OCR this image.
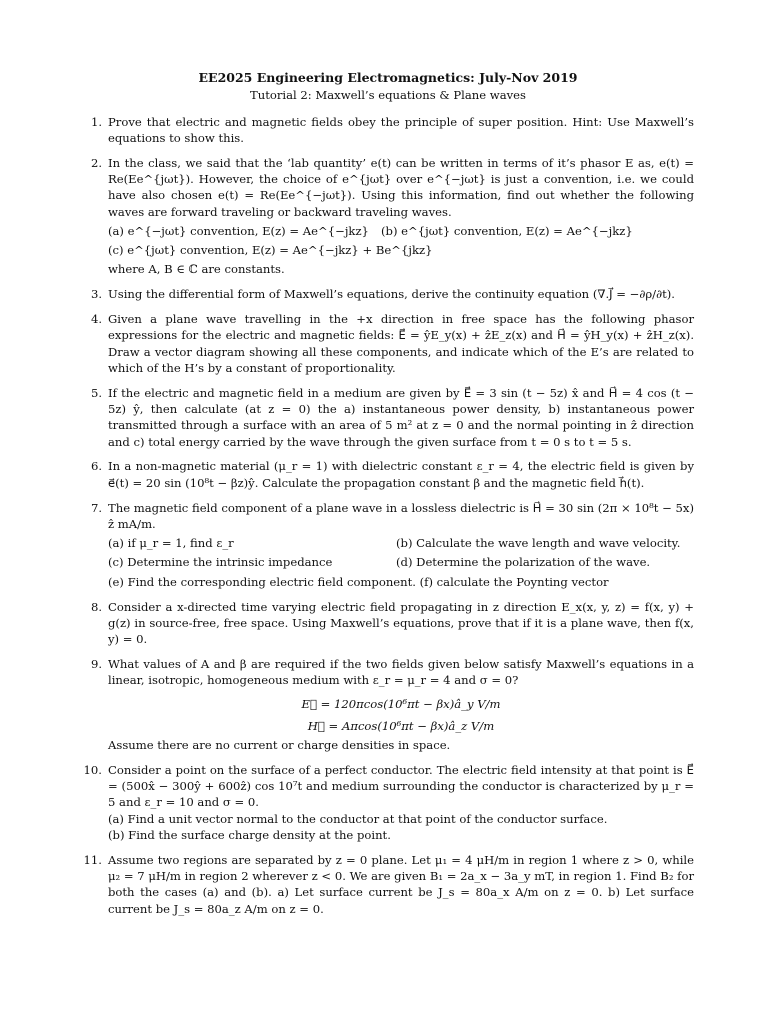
EE2025 Engineering Electromagnetics: July-Nov 2019
Tutorial 2: Maxwell’s equations & Plane waves
1. Prove that electric and magnetic fields obey the principle of super position. Hint: Use Maxwell’s equations to show this.
2. In the class, we said that the ‘lab quantity’ e(t) can be written in terms of it’s phasor E as, e(t) = Re(Ee^{jωt}). However, the choice of e^{jωt} over e^{−jωt} is just a convention, i.e. we could have also chosen e(t) = Re(Ee^{−jωt}). Using this information, find out whether the following waves are forward traveling or backward traveling waves.
(a) e^{−jωt} convention, E(z) = Ae^{−jkz}	(b) e^{jωt} convention, E(z) = Ae^{−jkz}
(c) e^{jωt} convention, E(z) = Ae^{−jkz} + Be^{jkz}
where A, B ∈ ℂ are constants.
3. Using the differential form of Maxwell’s equations, derive the continuity equation (∇.J⃗ = −∂ρ/∂t).
4. Given a plane wave travelling in the +x direction in free space has the following phasor expressions for the electric and magnetic fields: E⃗ = ŷE_y(x) + ẑE_z(x) and H⃗ = ŷH_y(x) + ẑH_z(x). Draw a vector diagram showing all these components, and indicate which of the E’s are related to which of the H’s by a constant of proportionality.
5. If the electric and magnetic field in a medium are given by E⃗ = 3 sin (t − 5z) x̂ and H⃗ = 4 cos (t − 5z) ŷ, then calculate (at z = 0) the a) instantaneous power density, b) instantaneous power transmitted through a surface with an area of 5 m² at z = 0 and the normal pointing in ẑ direction and c) total energy carried by the wave through the given surface from t = 0 s to t = 5 s.
6. In a non-magnetic material (μ_r = 1) with dielectric constant ε_r = 4, the electric field is given by e⃗(t) = 20 sin (10⁸t − βz)ŷ. Calculate the propagation constant β and the magnetic field h⃗(t).
7. The magnetic field component of a plane wave in a lossless dielectric is H⃗ = 30 sin (2π × 10⁸t − 5x) ẑ mA/m.
(a) if μ_r = 1, find ε_r	(b) Calculate the wave length and wave velocity.
(c) Determine the intrinsic impedance	(d) Determine the polarization of the wave.
(e) Find the corresponding electric field component. (f) calculate the Poynting vector
8. Consider a x-directed time varying electric field propagating in z direction E_x(x, y, z) = f(x, y) + g(z) in source-free, free space. Using Maxwell’s equations, prove that if it is a plane wave, then f(x, y) = 0.
9. What values of A and β are required if the two fields given below satisfy Maxwell’s equations in a linear, isotropic, homogeneous medium with ε_r = μ_r = 4 and σ = 0?
E⃗ = 120πcos(10⁶πt − βx)â_y V/m
H⃗ = Aπcos(10⁶πt − βx)â_z V/m
Assume there are no current or charge densities in space.
10. Consider a point on the surface of a perfect conductor. The electric field intensity at that point is E⃗ = (500x̂ − 300ŷ + 600ẑ) cos 10⁷t and medium surrounding the conductor is characterized by μ_r = 5 and ε_r = 10 and σ = 0.
(a) Find a unit vector normal to the conductor at that point of the conductor surface.
(b) Find the surface charge density at the point.
11. Assume two regions are separated by z = 0 plane. Let μ₁ = 4 μH/m in region 1 where z > 0, while μ₂ = 7 μH/m in region 2 wherever z < 0. We are given B₁ = 2a_x − 3a_y mT, in region 1. Find B₂ for both the cases (a) and (b). a) Let surface current be J_s = 80a_x A/m on z = 0. b) Let surface current be J_s = 80a_z A/m on z = 0.
